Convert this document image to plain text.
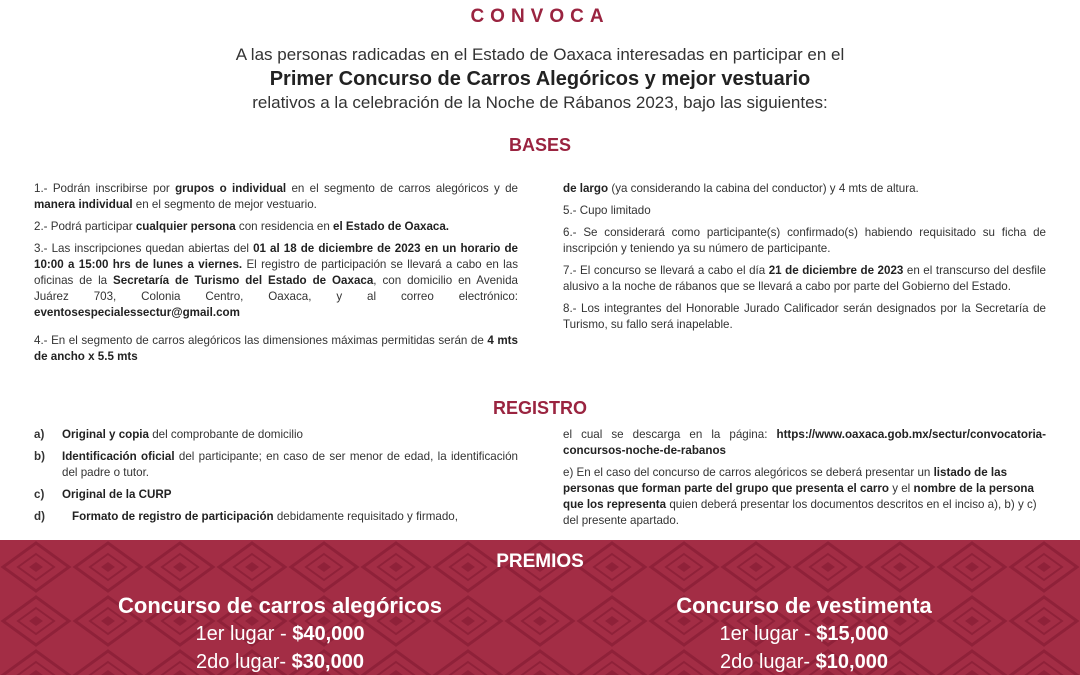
CONVOCA
A las personas radicadas en el Estado de Oaxaca interesadas en participar en el
Primer Concurso de Carros Alegóricos y mejor vestuario
relativos a la celebración de la Noche de Rábanos 2023, bajo las siguientes:
BASES

1.- Podrán inscribirse por grupos o individual en el segmento de carros alegóricos y de manera individual en el segmento de mejor vestuario.

2.- Podrá participar cualquier persona con residencia en el Estado de Oaxaca.

3.- Las inscripciones quedan abiertas del 01 al 18 de diciembre de 2023 en un horario de 10:00 a 15:00 hrs de lunes a viernes. El registro de participación se llevará a cabo en las oficinas de la Secretaría de Turismo del Estado de Oaxaca, con domicilio en Avenida Juárez 703, Colonia Centro, Oaxaca, y al correo electrónico: eventosespecialessectur@gmail.com

4.- En el segmento de carros alegóricos las dimensiones máximas permitidas serán de 4 mts de ancho x 5.5 mts

de largo (ya considerando la cabina del conductor) y 4 mts de altura.

5.- Cupo limitado

6.- Se considerará como participante(s) confirmado(s) habiendo requisitado su ficha de inscripción y teniendo ya su número de participante.

7.- El concurso se llevará a cabo el día 21 de diciembre de 2023 en el transcurso del desfile alusivo a la noche de rábanos que se llevará a cabo por parte del Gobierno del Estado.

8.- Los integrantes del Honorable Jurado Calificador serán designados por la Secretaría de Turismo, su fallo será inapelable.

REGISTRO
a)	Original y copia del comprobante de domicilio
b)	Identificación oficial del participante; en caso de ser menor de edad, la identificación del padre o tutor.
c)	Original de la CURP
d)	Formato de registro de participación debidamente requisitado y firmado,

el cual se descarga en la página: https://www.oaxaca.gob.mx/sectur/convocatoria-concursos-noche-de-rabanos

e) En el caso del concurso de carros alegóricos se deberá presentar un listado de las personas que forman parte del grupo que presenta el carro y el nombre de la persona que los representa quien deberá presentar los documentos descritos en el inciso a), b) y c) del presente apartado.

PREMIOS
Concurso de carros alegóricos
1er lugar - $40,000
2do lugar- $30,000
Concurso de vestimenta
1er lugar - $15,000
2do lugar- $10,000
